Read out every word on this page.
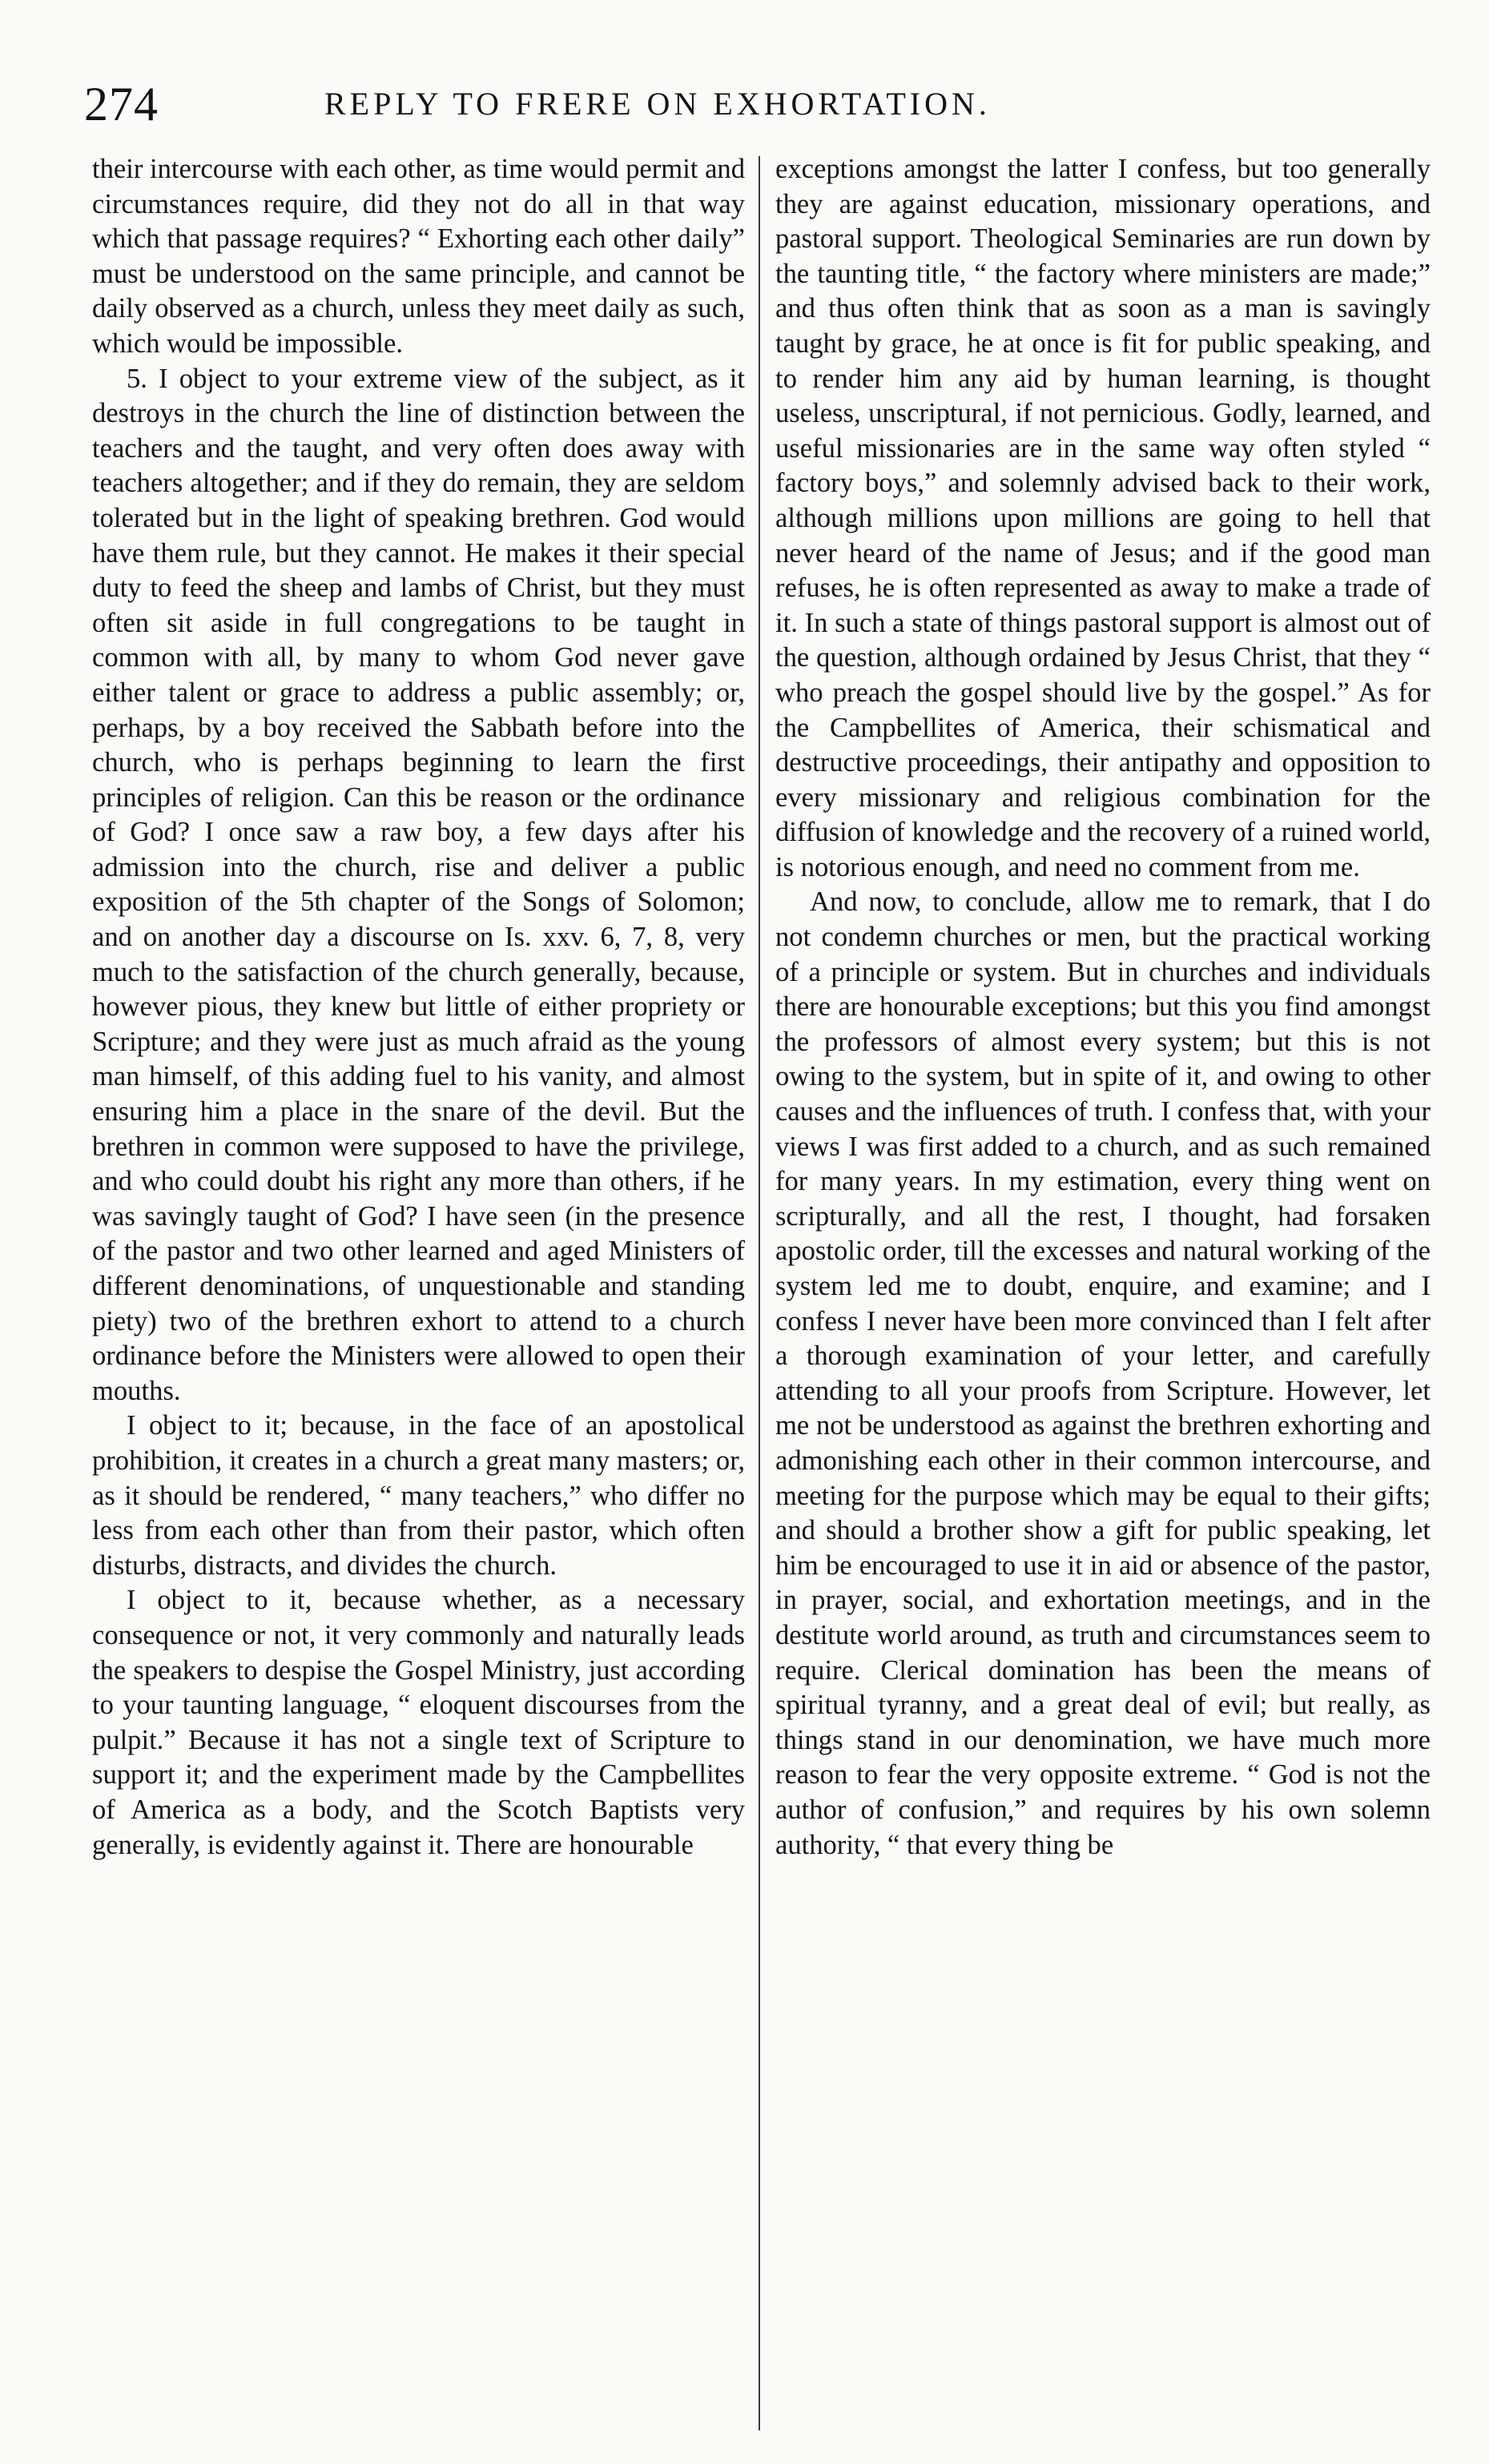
274	REPLY TO FRERE ON EXHORTATION.

their intercourse with each other, as time would permit and circumstances require, did they not do all in that way which that passage requires? “ Exhorting each other daily” must be understood on the same principle, and cannot be daily observed as a church, unless they meet daily as such, which would be impossible.

5. I object to your extreme view of the subject, as it destroys in the church the line of distinction between the teachers and the taught, and very often does away with teachers altogether; and if they do remain, they are seldom tolerated but in the light of speaking brethren. God would have them rule, but they cannot. He makes it their special duty to feed the sheep and lambs of Christ, but they must often sit aside in full congregations to be taught in common with all, by many to whom God never gave either talent or grace to address a public assembly; or, perhaps, by a boy received the Sabbath before into the church, who is perhaps beginning to learn the first principles of religion. Can this be reason or the ordinance of God? I once saw a raw boy, a few days after his admission into the church, rise and deliver a public exposition of the 5th chapter of the Songs of Solomon; and on another day a discourse on Is. xxv. 6, 7, 8, very much to the satisfaction of the church generally, because, however pious, they knew but little of either propriety or Scripture; and they were just as much afraid as the young man himself, of this adding fuel to his vanity, and almost ensuring him a place in the snare of the devil. But the brethren in common were supposed to have the privilege, and who could doubt his right any more than others, if he was savingly taught of God? I have seen (in the presence of the pastor and two other learned and aged Ministers of different denominations, of unquestionable and standing piety) two of the brethren exhort to attend to a church ordinance before the Ministers were allowed to open their mouths.

I object to it; because, in the face of an apostolical prohibition, it creates in a church a great many masters; or, as it should be rendered, “ many teachers,” who differ no less from each other than from their pastor, which often disturbs, distracts, and divides the church.

I object to it, because whether, as a necessary consequence or not, it very commonly and naturally leads the speakers to despise the Gospel Ministry, just according to your taunting language, “ eloquent discourses from the pulpit.” Because it has not a single text of Scripture to support it; and the experiment made by the Campbellites of America as a body, and the Scotch Baptists very generally, is evidently against it. There are honourable

exceptions amongst the latter I confess, but too generally they are against education, missionary operations, and pastoral support. Theological Seminaries are run down by the taunting title, “ the factory where ministers are made;” and thus often think that as soon as a man is savingly taught by grace, he at once is fit for public speaking, and to render him any aid by human learning, is thought useless, unscriptural, if not pernicious. Godly, learned, and useful missionaries are in the same way often styled “ factory boys,” and solemnly advised back to their work, although millions upon millions are going to hell that never heard of the name of Jesus; and if the good man refuses, he is often represented as away to make a trade of it. In such a state of things pastoral support is almost out of the question, although ordained by Jesus Christ, that they “ who preach the gospel should live by the gospel.” As for the Campbellites of America, their schismatical and destructive proceedings, their antipathy and opposition to every missionary and religious combination for the diffusion of knowledge and the recovery of a ruined world, is notorious enough, and need no comment from me.

And now, to conclude, allow me to remark, that I do not condemn churches or men, but the practical working of a principle or system. But in churches and individuals there are honourable exceptions; but this you find amongst the professors of almost every system; but this is not owing to the system, but in spite of it, and owing to other causes and the influences of truth. I confess that, with your views I was first added to a church, and as such remained for many years. In my estimation, every thing went on scripturally, and all the rest, I thought, had forsaken apostolic order, till the excesses and natural working of the system led me to doubt, enquire, and examine; and I confess I never have been more convinced than I felt after a thorough examination of your letter, and carefully attending to all your proofs from Scripture. However, let me not be understood as against the brethren exhorting and admonishing each other in their common intercourse, and meeting for the purpose which may be equal to their gifts; and should a brother show a gift for public speaking, let him be encouraged to use it in aid or absence of the pastor, in prayer, social, and exhortation meetings, and in the destitute world around, as truth and circumstances seem to require. Clerical domination has been the means of spiritual tyranny, and a great deal of evil; but really, as things stand in our denomination, we have much more reason to fear the very opposite extreme. “ God is not the author of confusion,” and requires by his own solemn authority, “ that every thing be
